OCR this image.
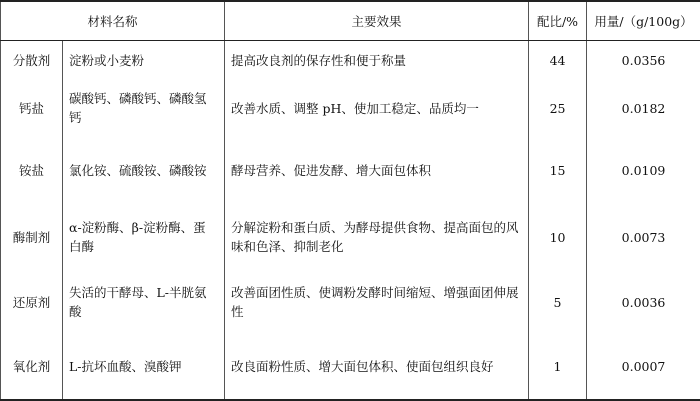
材料名称		主要效果	配比/%	用量/（g/100g）
分散剂	淀粉或小麦粉	提高改良剂的保存性和便于称量	44	0.0356
钙盐	碳酸钙、磷酸钙、磷酸氢钙	改善水质、调整 pH、使加工稳定、品质均一	25	0.0182
铵盐	氯化铵、硫酸铵、磷酸铵	酵母营养、促进发酵、增大面包体积	15	0.0109
酶制剂	α-淀粉酶、β-淀粉酶、蛋白酶	分解淀粉和蛋白质、为酵母提供食物、提高面包的风味和色泽、抑制老化	10	0.0073
还原剂	失活的干酵母、L-半胱氨酸	改善面团性质、使调粉发酵时间缩短、增强面团伸展性	5	0.0036
氧化剂	L-抗坏血酸、溴酸钾	改良面粉性质、增大面包体积、使面包组织良好	1	0.0007
